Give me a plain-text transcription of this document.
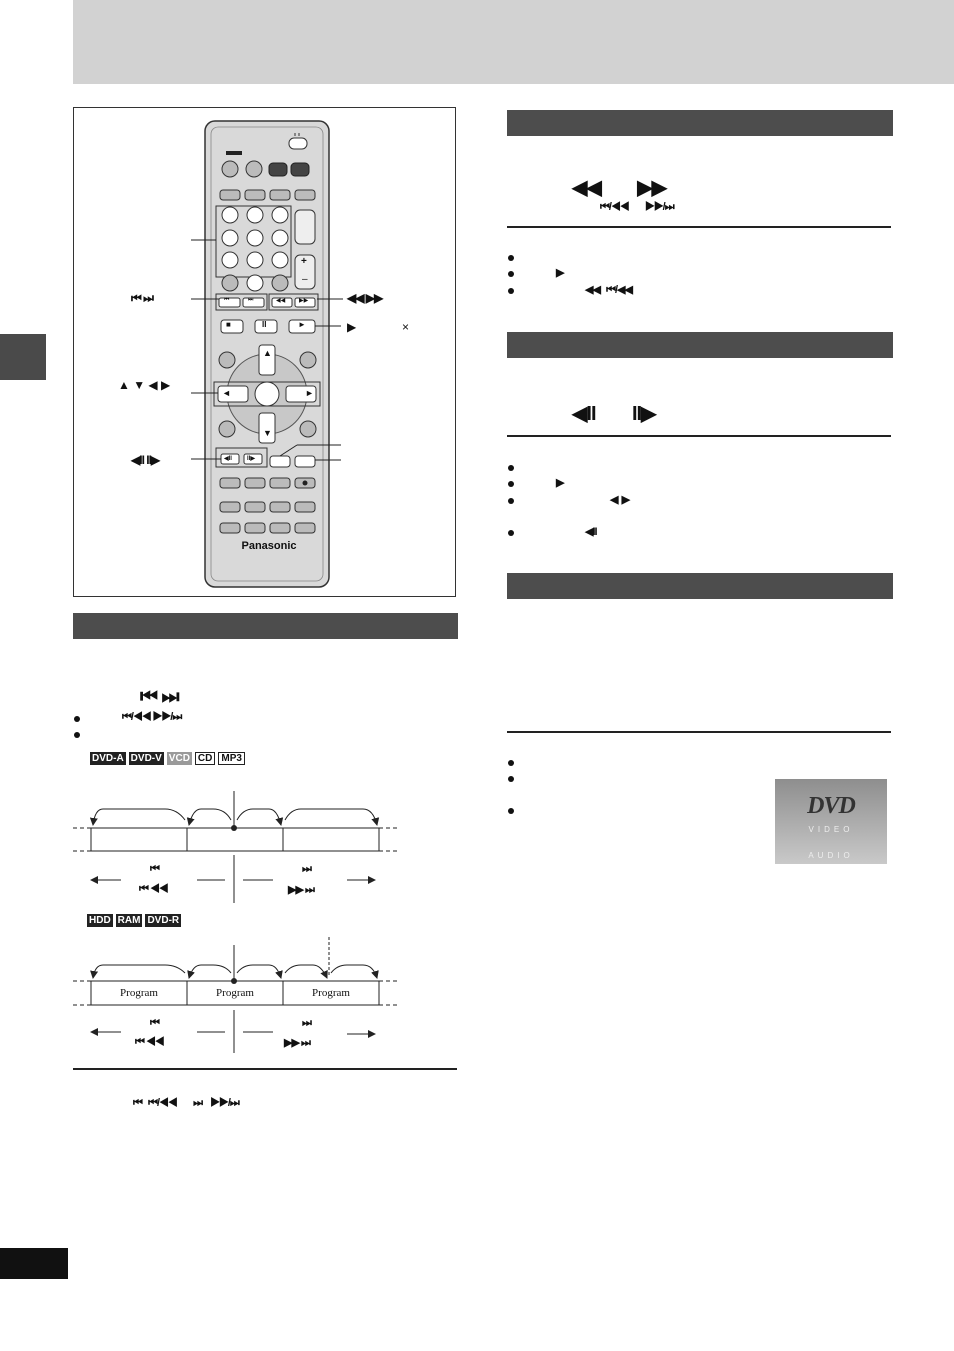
■	II	►
▲
▼
◄	►
⏮	⏭	◀◀ ▶▶
◀II	II▶
+
–
Panasonic
⏮ ⏭	◀◀ ▶▶
▶	×
▲ ▼ ◀ ▶
◀II II▶
⏮ ⏭
⏮/◀◀ ▶▶/⏭
DVD-A DVD-V VCD CD MP3
⏮
⏮ ◀◀
⏭
▶▶ ⏭
HDD RAM DVD-R
Program	Program	Program
⏮
⏮ ◀◀
⏭
▶▶ ⏭
⏮   ⏮/◀◀        ⏭    ▶▶/⏭
◀◀        ▶▶
⏮/◀◀        ▶▶/⏭
▶
◀◀   ⏮/◀◀
◀II        II▶
▶
◀  ▶
◀II
DVD
VIDEO
AUDIO
